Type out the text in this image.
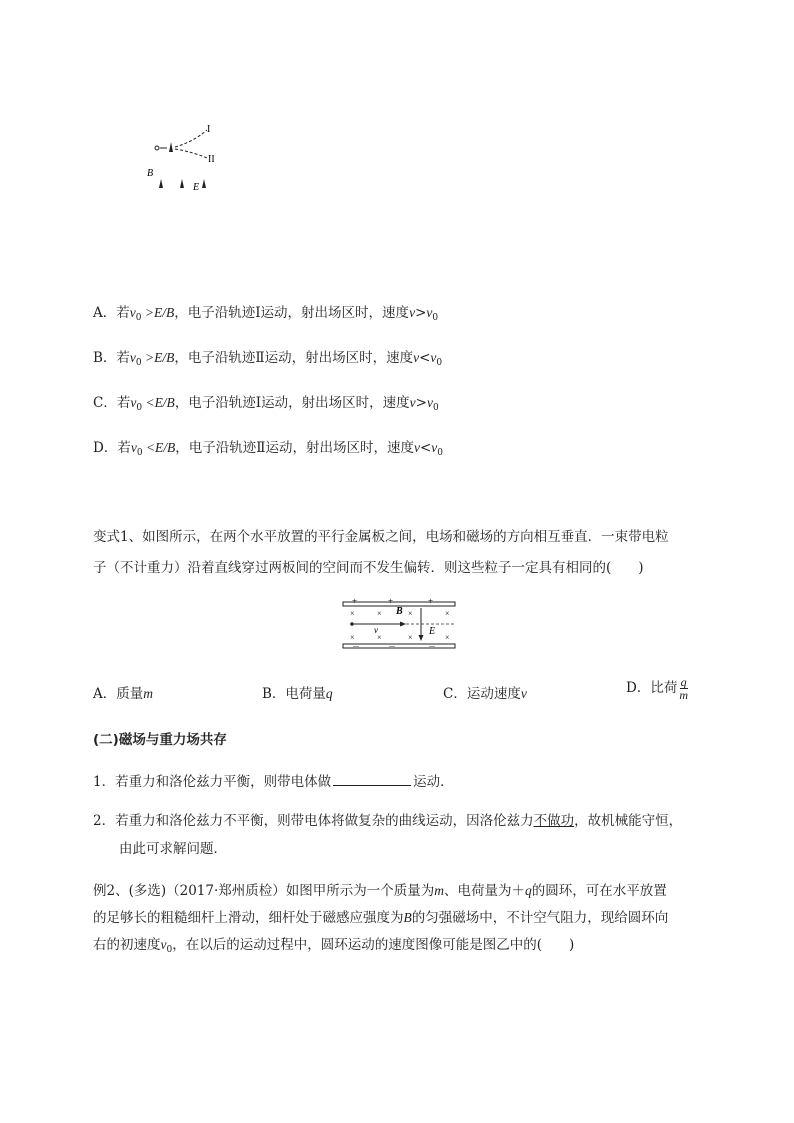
I
II
B
E
A．若$v_0 >E/B$，电子沿轨迹Ⅰ运动，射出场区时，速度$v>v_0$
B．若$v_0 >E/B$，电子沿轨迹Ⅱ运动，射出场区时，速度$v<v_0$
C．若$v_0 <E/B$，电子沿轨迹Ⅰ运动，射出场区时，速度$v>v_0$
D．若$v_0 <E/B$，电子沿轨迹Ⅱ运动，射出场区时，速度$v<v_0$
变式1、如图所示，在两个水平放置的平行金属板之间，电场和磁场的方向相互垂直．一束带电粒
子（不计重力）沿着直线穿过两板间的空间而不发生偏转．则这些粒子一定具有相同的(　　)
+	+	+
－	－	－
×	×	×	×
×	×	×	×
B
v	E
A．质量m	B．电荷量q	C．运动速度v	D．比荷 $\frac{q}{m}$
(二)磁场与重力场共存
1．若重力和洛伦兹力平衡，则带电体做	运动．
2．若重力和洛伦兹力不平衡，则带电体将做复杂的曲线运动，因洛伦兹力不做功，故机械能守恒，
由此可求解问题．
例2、(多选)（2017·郑州质检）如图甲所示为一个质量为m、电荷量为＋q的圆环，可在水平放置
的足够长的粗糙细杆上滑动，细杆处于磁感应强度为B的匀强磁场中，不计空气阻力，现给圆环向
右的初速度$v_0$，在以后的运动过程中，圆环运动的速度图像可能是图乙中的(　　)
